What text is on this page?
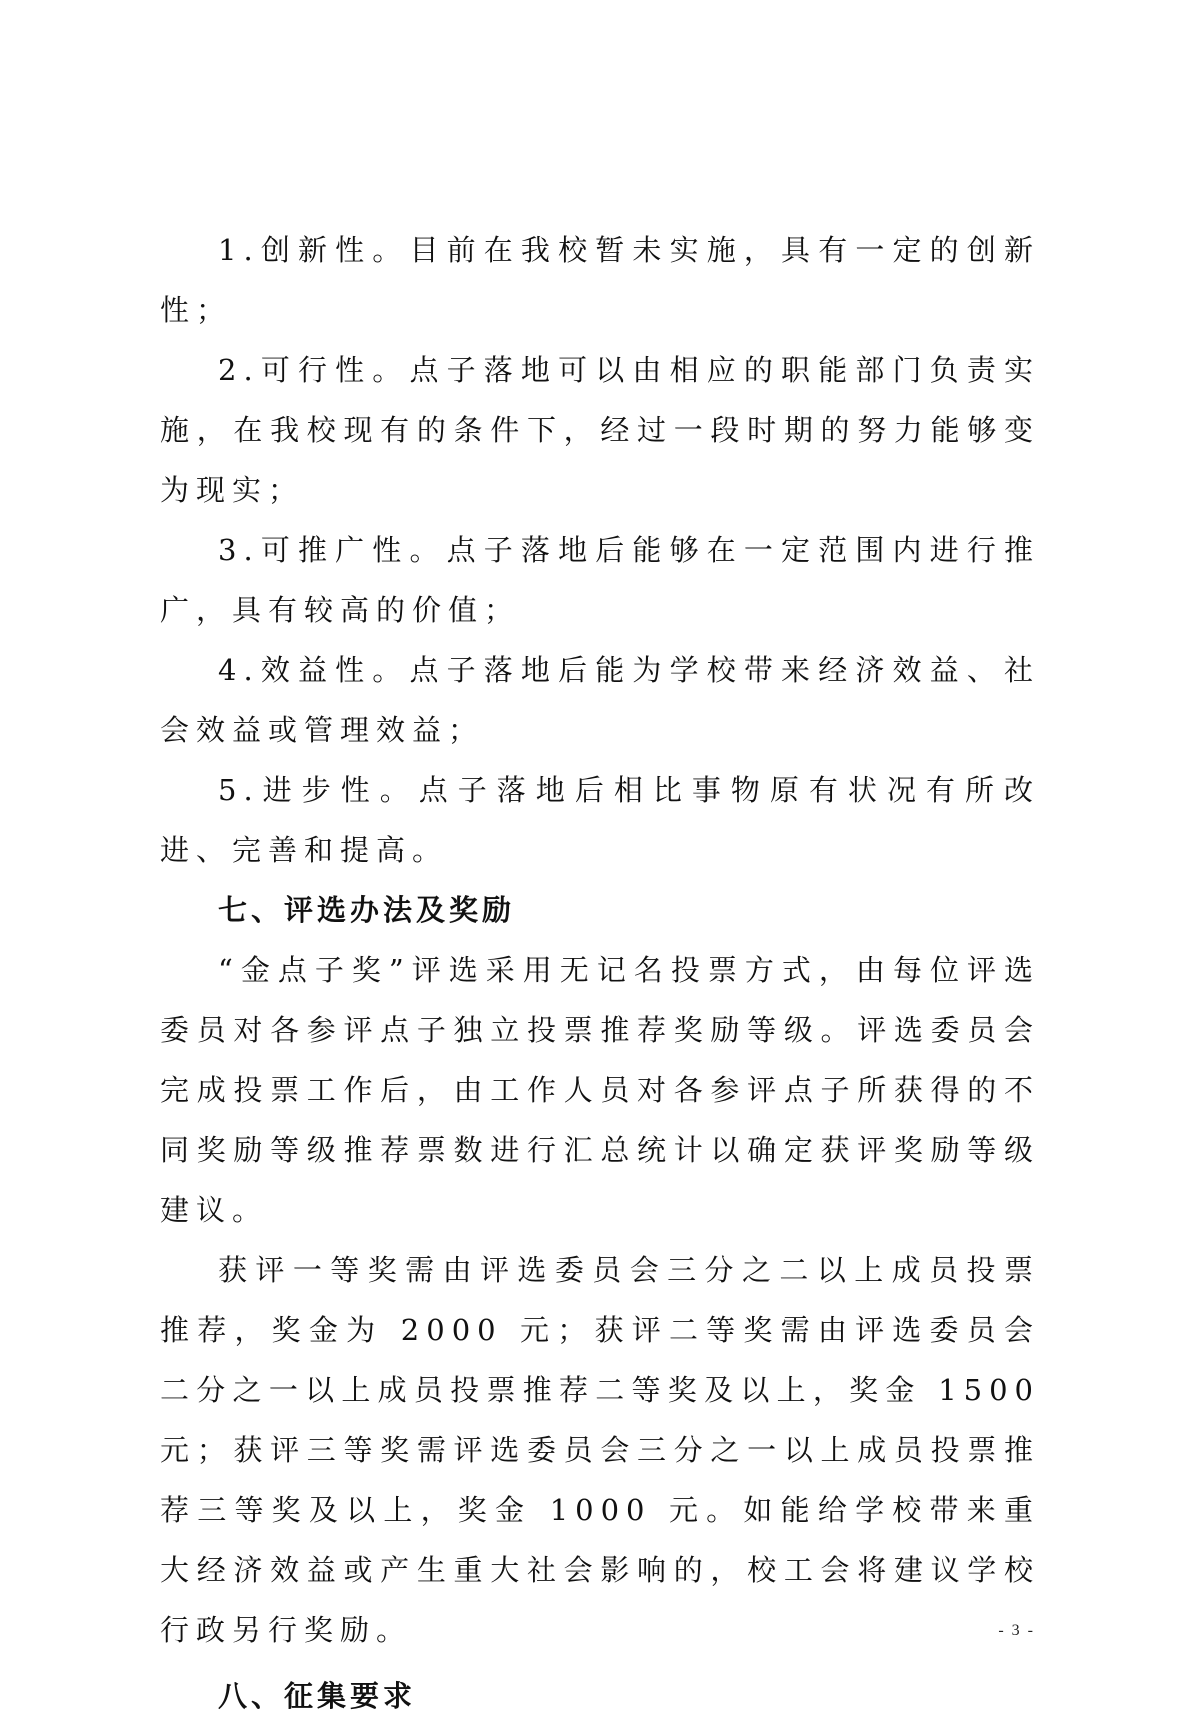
1.创新性。目前在我校暂未实施，具有一定的创新性；

2.可行性。点子落地可以由相应的职能部门负责实施，在我校现有的条件下，经过一段时期的努力能够变为现实；

3.可推广性。点子落地后能够在一定范围内进行推广，具有较高的价值；

4.效益性。点子落地后能为学校带来经济效益、社会效益或管理效益；

5.进步性。点子落地后相比事物原有状况有所改进、完善和提高。

七、评选办法及奖励

“金点子奖”评选采用无记名投票方式，由每位评选委员对各参评点子独立投票推荐奖励等级。评选委员会完成投票工作后，由工作人员对各参评点子所获得的不同奖励等级推荐票数进行汇总统计以确定获评奖励等级建议。

获评一等奖需由评选委员会三分之二以上成员投票推荐，奖金为 2000 元；获评二等奖需由评选委员会二分之一以上成员投票推荐二等奖及以上，奖金 1500 元；获评三等奖需评选委员会三分之一以上成员投票推荐三等奖及以上，奖金 1000 元。如能给学校带来重大经济效益或产生重大社会影响的，校工会将建议学校行政另行奖励。

八、征集要求
- 3 -
